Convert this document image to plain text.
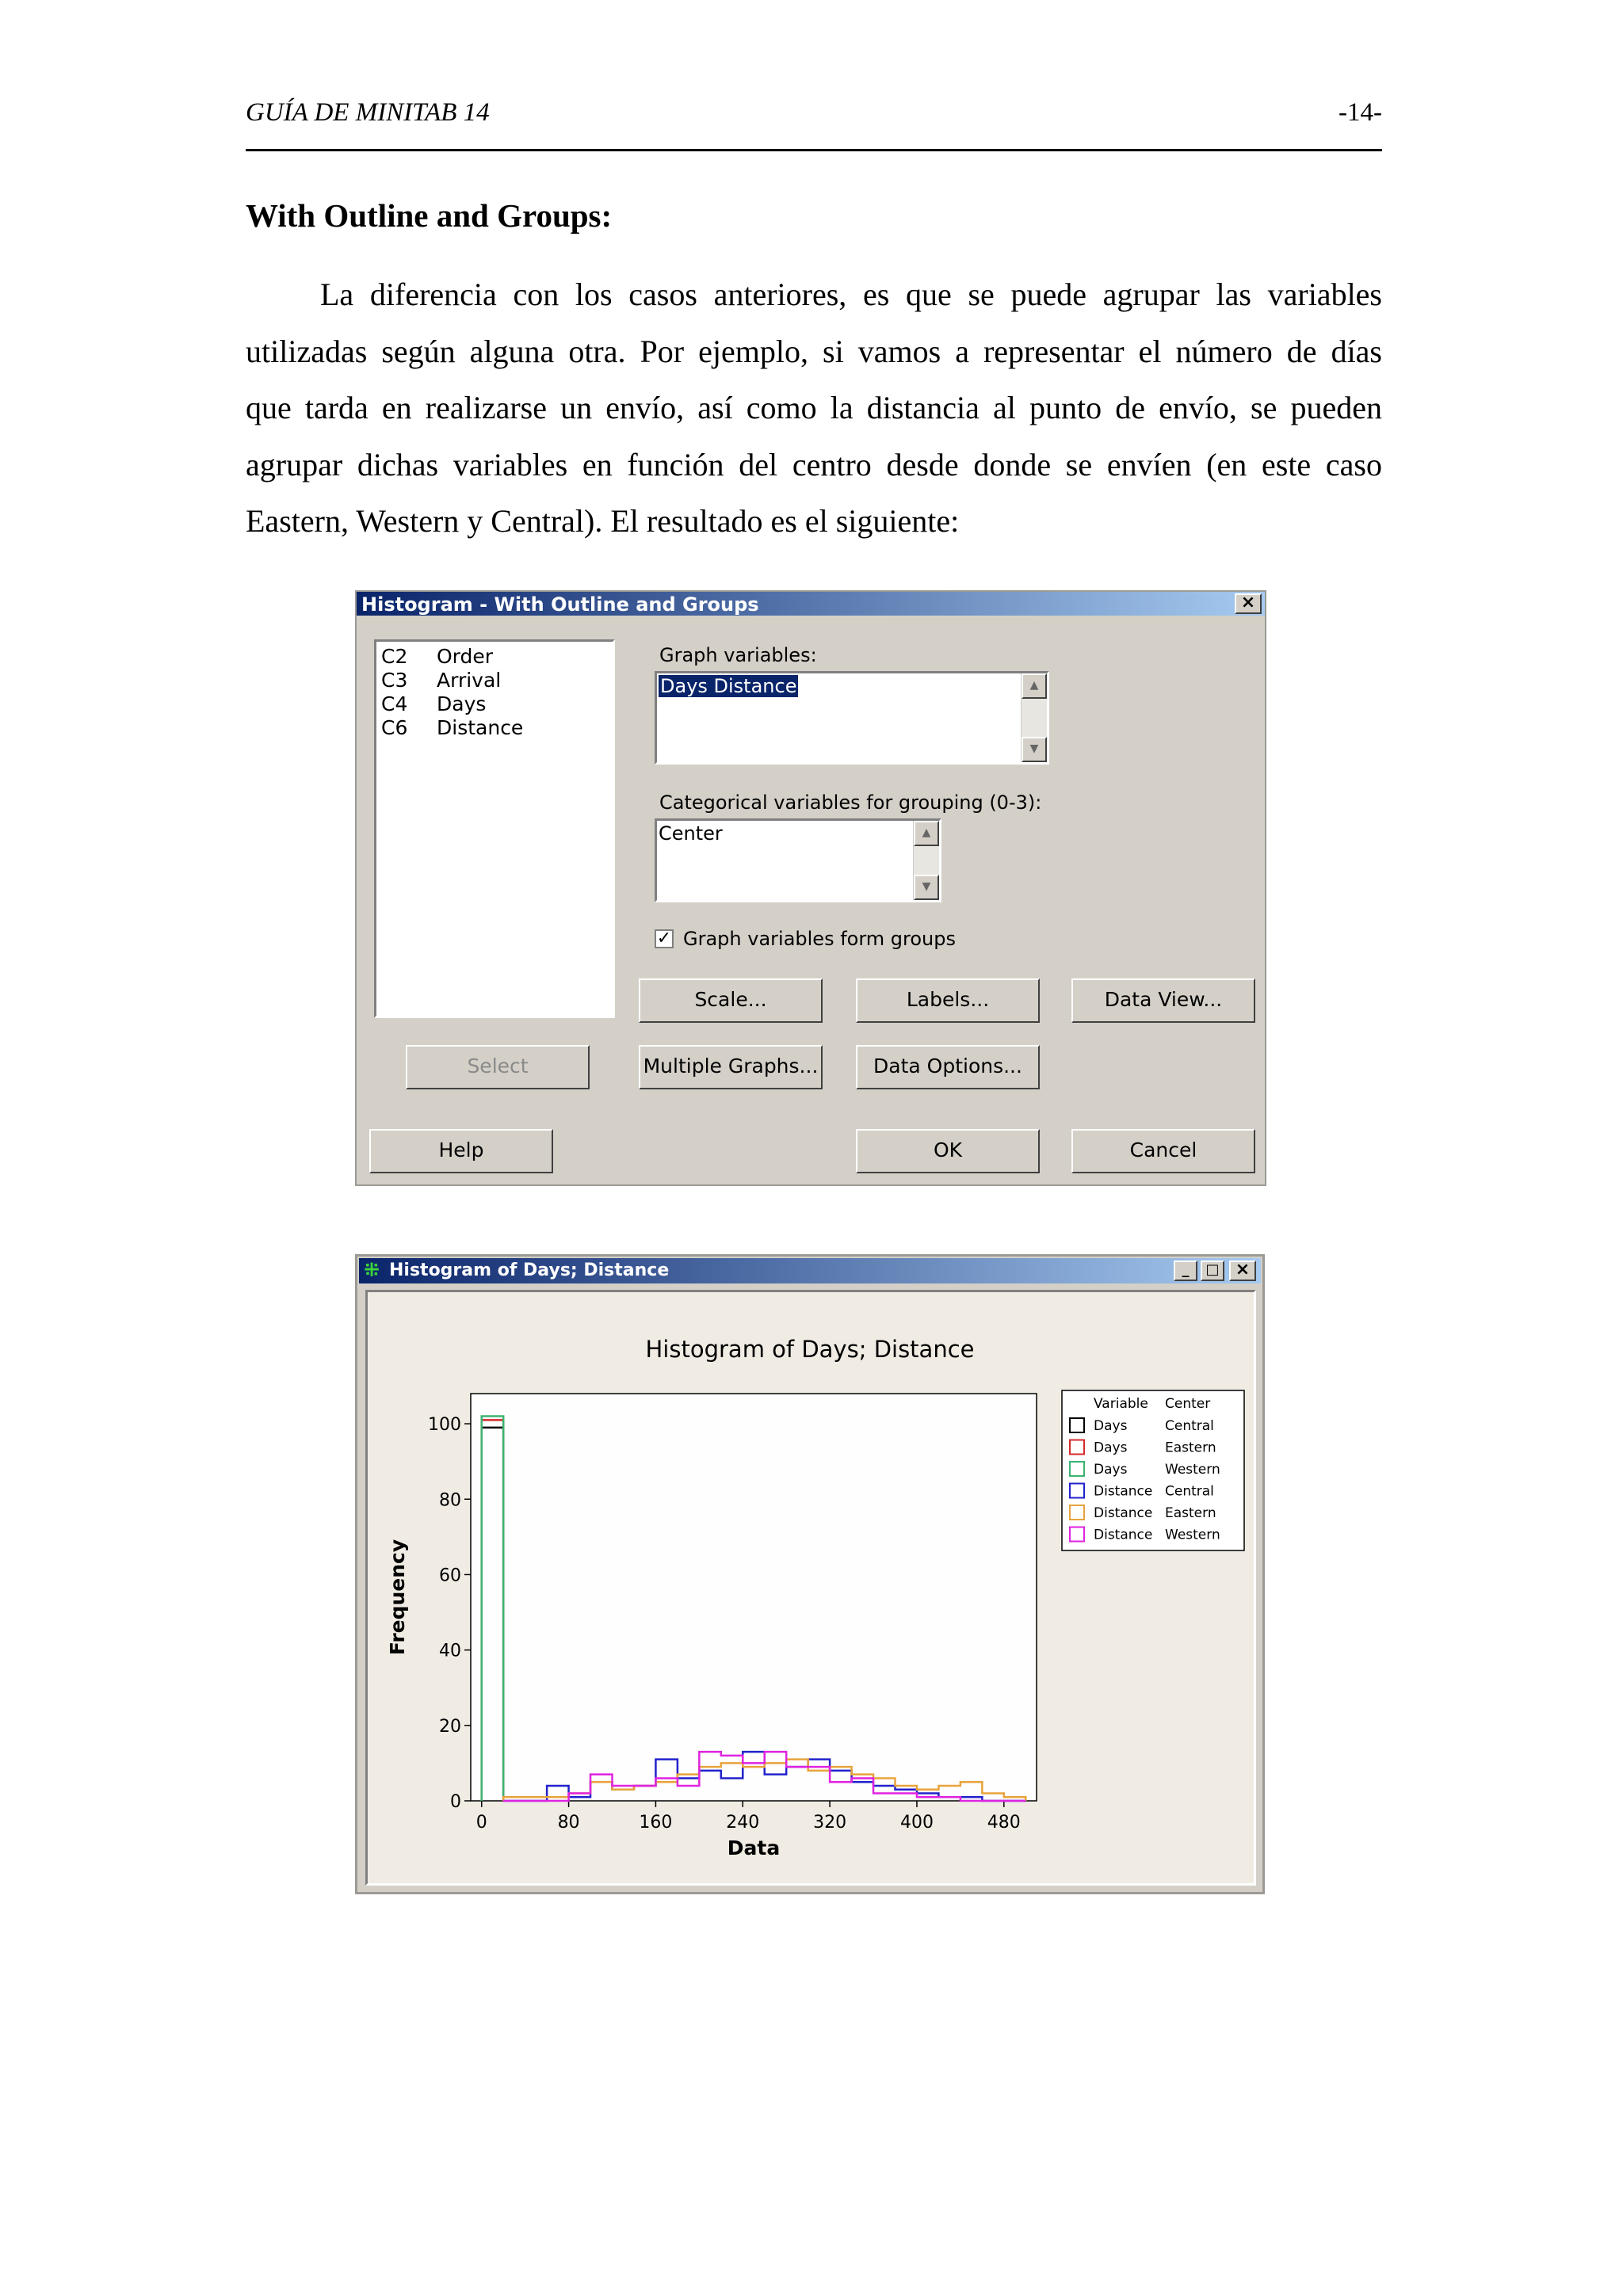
GUÍA DE MINITAB 14	-14-
With Outline and Groups:
La diferencia con los casos anteriores, es que se puede agrupar las variables
utilizadas según alguna otra. Por ejemplo, si vamos a representar el número de días
que tarda en realizarse un envío, así como la distancia al punto de envío, se pueden
agrupar dichas variables en función del centro desde donde se envíen (en este caso
Eastern, Western y Central). El resultado es el siguiente:
Histogram - With Outline and Groups	×
C2 Order
C3 Arrival
C4 Days
C6 Distance
Graph variables:
Days Distance	▲
▼
Categorical variables for grouping (0-3):
Center	▲
▼
✓ Graph variables form groups
Scale...	Labels...	Data View...
Select	Multiple Graphs...	Data Options...
Help	OK	Cancel
⁜ Histogram of Days; Distance	_	□ ×
Histogram of Days; Distance
0
20
40
60
80
100
0	80	160	240	320	400	480
Data
Frequency
Variable Center
Days	Central
Days	Eastern
Days	Western
Distance Central
Distance Eastern
Distance Western
